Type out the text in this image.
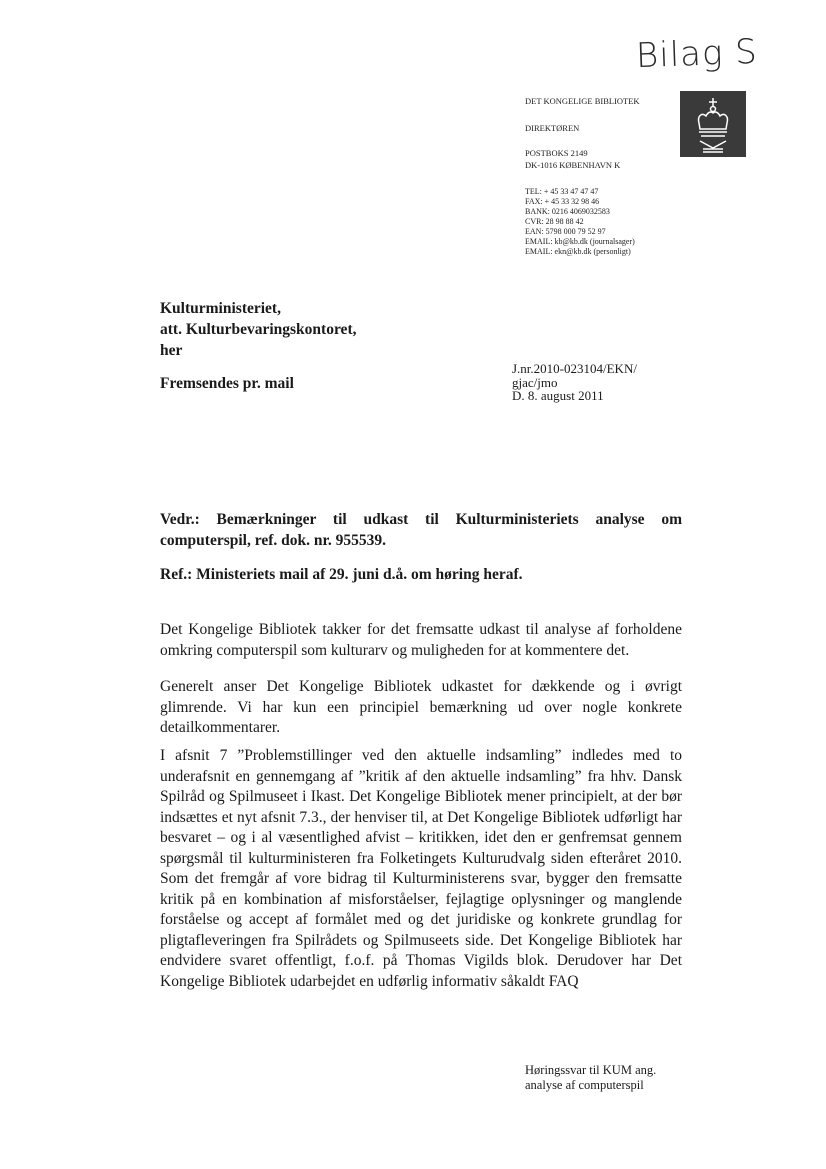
Bilag S
DET KONGELIGE BIBLIOTEK
DIREKTØREN
POSTBOKS 2149
DK-1016 KØBENHAVN K
TEL: + 45 33 47 47 47
FAX: + 45 33 32 98 46
BANK: 0216 4069032583
CVR: 28 98 88 42
EAN: 5798 000 79 52 97
EMAIL: kb@kb.dk (journalsager)
EMAIL: ekn@kb.dk (personligt)
Kulturministeriet,
att. Kulturbevaringskontoret,
her
Fremsendes pr. mail
J.nr.2010-023104/EKN/
gjac/jmo
D. 8. august 2011
Vedr.: Bemærkninger til udkast til Kulturministeriets analyse om
computerspil, ref. dok. nr. 955539.
Ref.: Ministeriets mail af 29. juni d.å. om høring heraf.
Det Kongelige Bibliotek takker for det fremsatte udkast til analyse af forholdene omkring computerspil som kulturarv og muligheden for at kommentere det.
Generelt anser Det Kongelige Bibliotek udkastet for dækkende og i øvrigt glimrende. Vi har kun een principiel bemærkning ud over nogle konkrete detailkommentarer.
I afsnit 7 ”Problemstillinger ved den aktuelle indsamling” indledes med to underafsnit en gennemgang af ”kritik af den aktuelle indsamling” fra hhv. Dansk Spilråd og Spilmuseet i Ikast. Det Kongelige Bibliotek mener principielt, at der bør indsættes et nyt afsnit 7.3., der henviser til, at Det Kongelige Bibliotek udførligt har besvaret – og i al væsentlighed afvist – kritikken, idet den er genfremsat gennem spørgsmål til kulturministeren fra Folketingets Kulturudvalg siden efteråret 2010. Som det fremgår af vore bidrag til Kulturministerens svar, bygger den fremsatte kritik på en kombination af misforståelser, fejlagtige oplysninger og manglende forståelse og accept af formålet med og det juridiske og konkrete grundlag for pligtafleveringen fra Spilrådets og Spilmuseets side. Det Kongelige Bibliotek har endvidere svaret offentligt, f.o.f. på Thomas Vigilds blok. Derudover har Det Kongelige Bibliotek udarbejdet en udførlig informativ såkaldt FAQ
Høringssvar til KUM ang.
analyse af computerspil
